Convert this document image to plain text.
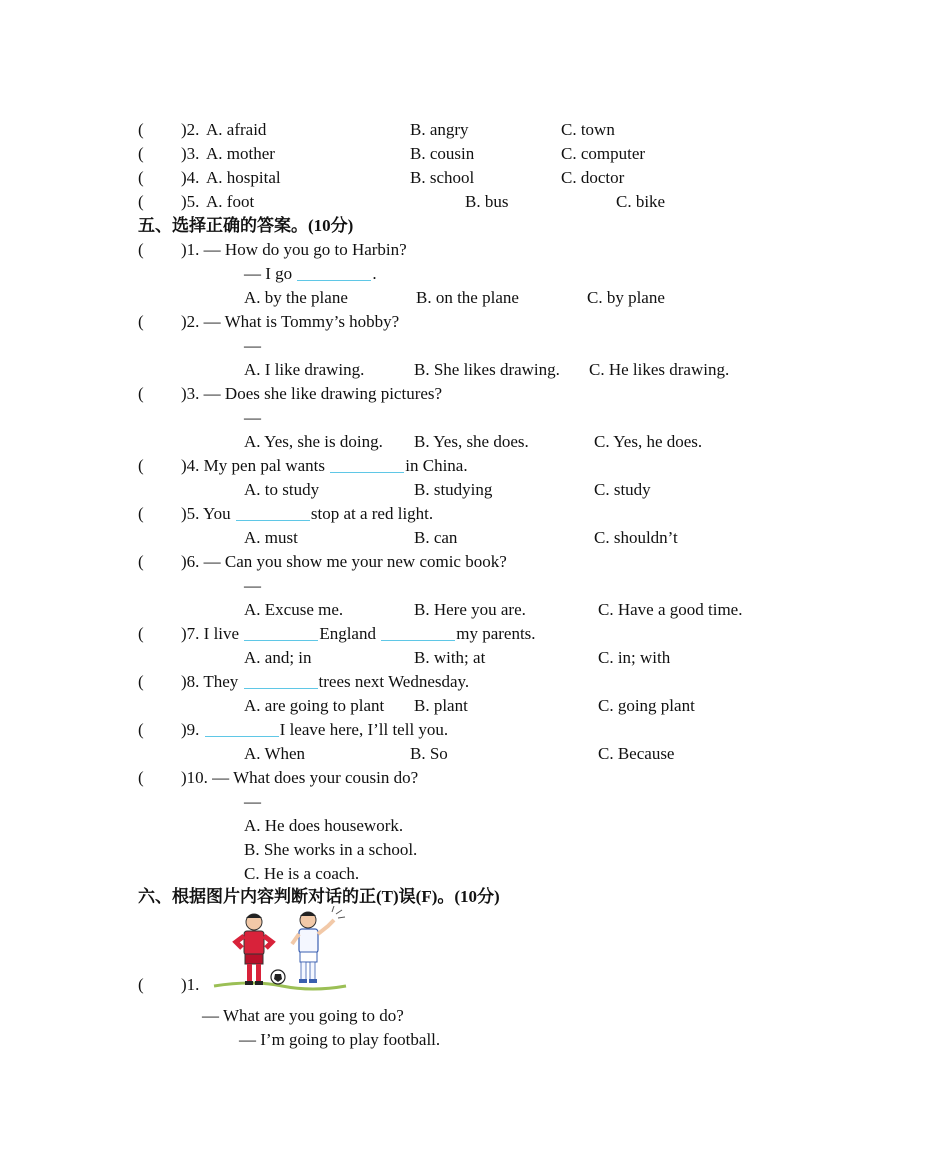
( )2. A. afraid	B. angry	C. town
( )3. A. mother	B. cousin	C. computer
( )4. A. hospital	B. school	C. doctor
( )5. A. foot	B. bus	C. bike
五、选择正确的答案。(10分)
( )1. — How do you go to Harbin?
— I go	.
A. by the plane	B. on the plane	C. by plane
( )2. — What is Tommy’s hobby?
—
A. I like drawing.	B. She likes drawing. C. He likes drawing.
( )3. — Does she like drawing pictures?
—
A. Yes, she is doing. B. Yes, she does.	C. Yes, he does.
( )4. My pen pal wants	in China.
A. to study	B. studying	C. study
( )5. You	stop at a red light.
A. must	B. can	C. shouldn’t
( )6. — Can you show me your new comic book?
—
A. Excuse me.	B. Here you are.	C. Have a good time.
( )7. I live	England	my parents.
A. and; in	B. with; at	C. in; with
( )8. They	trees next Wednesday.
A. are going to plant B. plant	C. going plant
( )9.	I leave here, I’ll tell you.
A. When	B. So	C. Because
( )10. — What does your cousin do?
—
A. He does housework.
B. She works in a school.
C. He is a coach.
六、根据图片内容判断对话的正(T)误(F)。(10分)
( )1.
— What are you going to do?
— I’m going to play football.
